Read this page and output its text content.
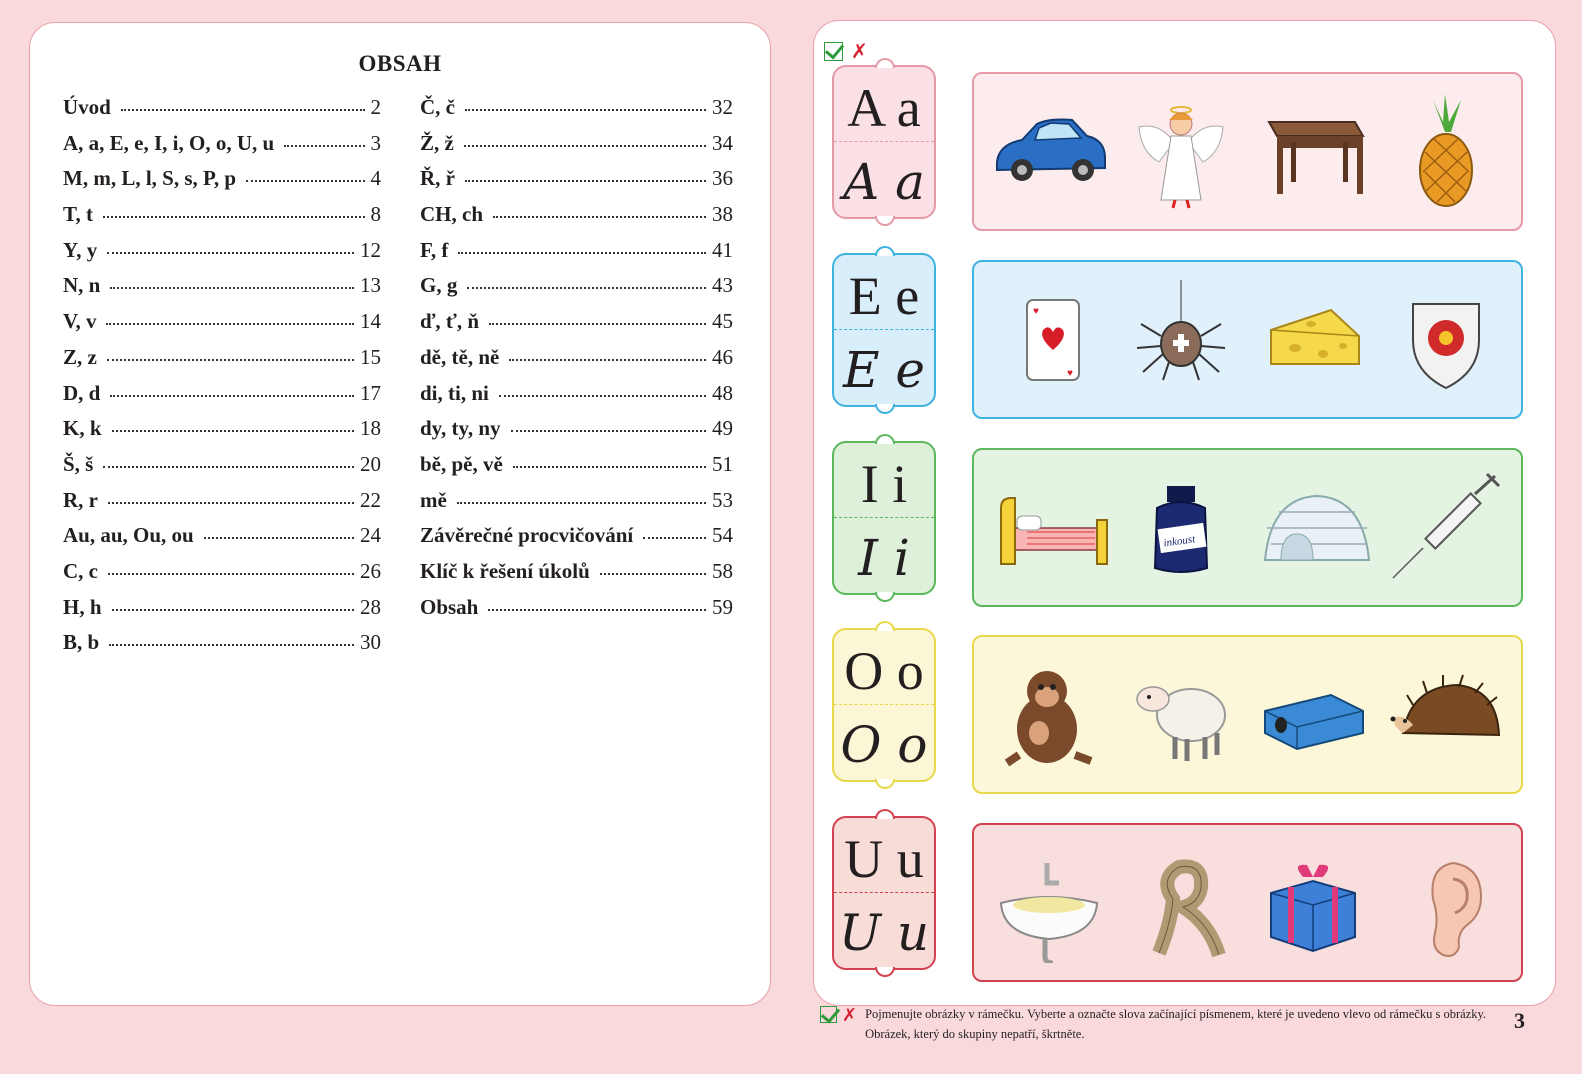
OBSAH
Úvod	2
A, a, E, e, I, i, O, o, U, u	3
M, m, L, l, S, s, P, p	4
T, t	8
Y, y	12
N, n	13
V, v	14
Z, z	15
D, d	17
K, k	18
Š, š	20
R, r	22
Au, au, Ou, ou	24
C, c	26
H, h	28
B, b	30
Č, č	32
Ž, ž	34
Ř, ř	36
CH, ch	38
F, f	41
G, g	43
ď, ť, ň	45
dě, tě, ně	46
di, ti, ni	48
dy, ty, ny	49
bě, pě, vě	51
mě	53
Závěrečné procvičování	54
Klíč k řešení úkolů	58
Obsah	59
✗
A a
A a
E e
E e
♥
♥
I i
I i	inkoust
O o
O o
U u
U u
✗ Pojmenujte obrázky v rámečku. Vyberte a označte slova začínající písmenem, které je uvedeno vlevo od rámečku s obrázky. Obrázek, který do skupiny nepatří, škrtněte.
3
